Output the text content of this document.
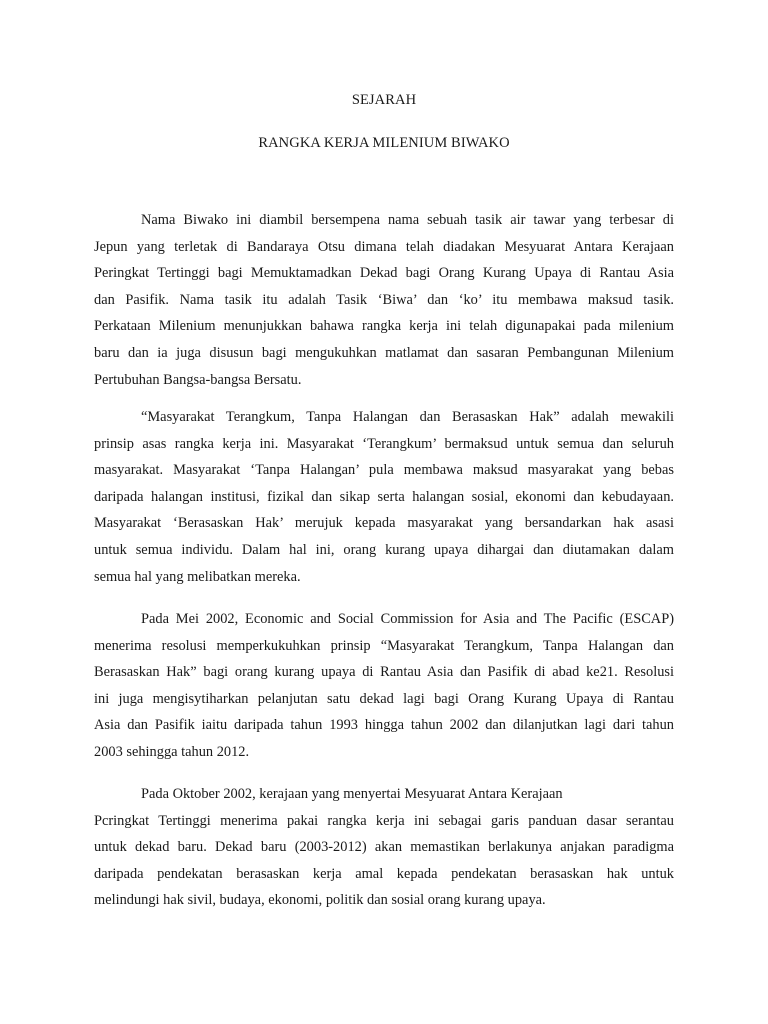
SEJARAH
RANGKA KERJA MILENIUM BIWAKO

Nama Biwako ini diambil bersempena nama sebuah tasik air tawar yang terbesar di
Jepun yang terletak di Bandaraya Otsu dimana telah diadakan Mesyuarat Antara Kerajaan
Peringkat Tertinggi bagi Memuktamadkan Dekad bagi Orang Kurang Upaya di Rantau Asia
dan Pasifik. Nama tasik itu adalah Tasik ‘Biwa’ dan ‘ko’ itu membawa maksud tasik.
Perkataan Milenium menunjukkan bahawa rangka kerja ini telah digunapakai pada milenium
baru dan ia juga disusun bagi mengukuhkan matlamat dan sasaran Pembangunan Milenium
Pertubuhan Bangsa-bangsa Bersatu.

“Masyarakat Terangkum, Tanpa Halangan dan Berasaskan Hak” adalah mewakili
prinsip asas rangka kerja ini. Masyarakat ‘Terangkum’ bermaksud untuk semua dan seluruh
masyarakat. Masyarakat ‘Tanpa Halangan’ pula membawa maksud masyarakat yang bebas
daripada halangan institusi, fizikal dan sikap serta halangan sosial, ekonomi dan kebudayaan.
Masyarakat ‘Berasaskan Hak’ merujuk kepada masyarakat yang bersandarkan hak asasi
untuk semua individu. Dalam hal ini, orang kurang upaya dihargai dan diutamakan dalam
semua hal yang melibatkan mereka.

Pada Mei 2002, Economic and Social Commission for Asia and The Pacific (ESCAP)
menerima resolusi memperkukuhkan prinsip “Masyarakat Terangkum, Tanpa Halangan dan
Berasaskan Hak” bagi orang kurang upaya di Rantau Asia dan Pasifik di abad ke21. Resolusi
ini juga mengisytiharkan pelanjutan satu dekad lagi bagi Orang Kurang Upaya di Rantau
Asia dan Pasifik iaitu daripada tahun 1993 hingga tahun 2002 dan dilanjutkan lagi dari tahun
2003 sehingga tahun 2012.

Pada Oktober 2002, kerajaan yang menyertai Mesyuarat Antara Kerajaan
Pcringkat Tertinggi menerima pakai rangka kerja ini sebagai garis panduan dasar serantau
untuk dekad baru. Dekad baru (2003-2012) akan memastikan berlakunya anjakan paradigma
daripada pendekatan berasaskan kerja amal kepada pendekatan berasaskan hak untuk
melindungi hak sivil, budaya, ekonomi, politik dan sosial orang kurang upaya.
